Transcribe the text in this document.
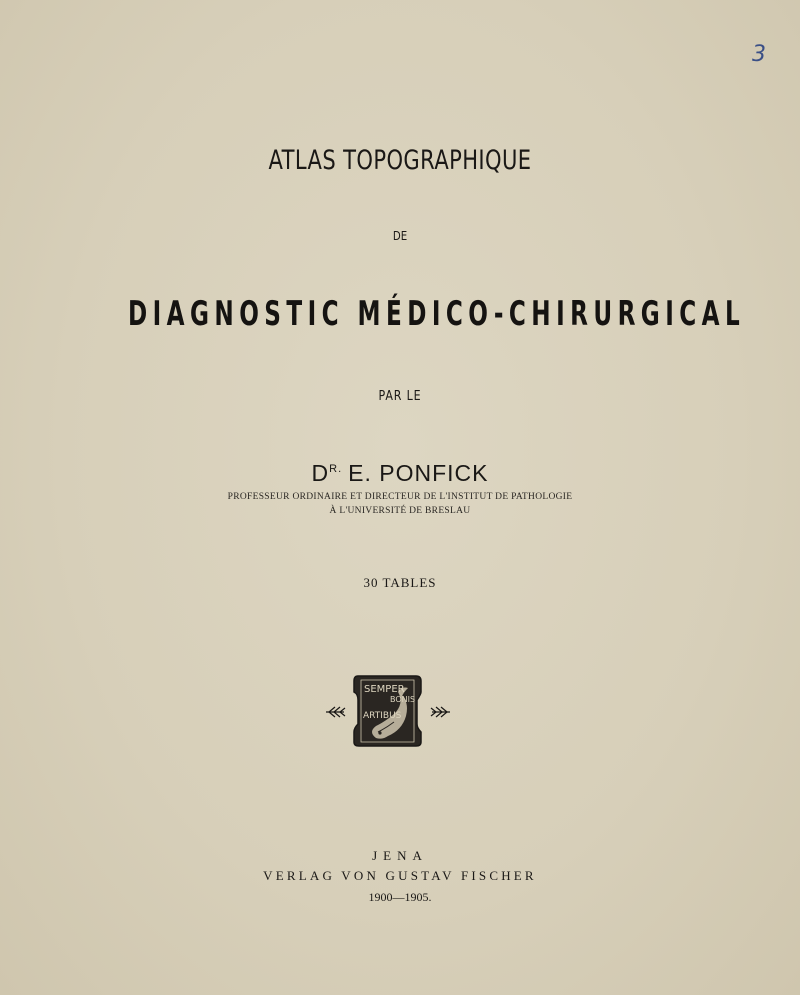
3
ATLAS TOPOGRAPHIQUE
DE
DIAGNOSTIC MÉDICO-CHIRURGICAL
PAR LE
$D^{R.}$ E. PONFICK
PROFESSEUR ORDINAIRE ET DIRECTEUR DE L'INSTITUT DE PATHOLOGIE
À L'UNIVERSITÉ DE BRESLAU
30 TABLES
SEMPER
BONIS
ARTIBUS
JENA
VERLAG VON GUSTAV FISCHER
1900—1905.
